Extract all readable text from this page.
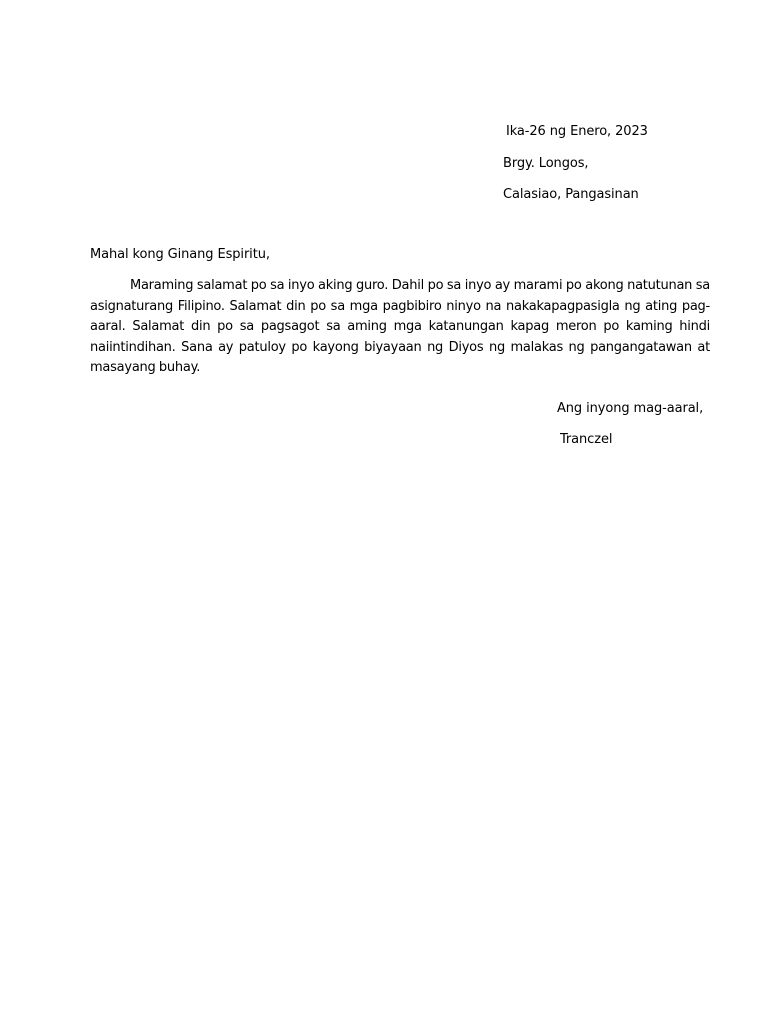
Ika-26 ng Enero, 2023
Brgy. Longos,
Calasiao, Pangasinan
Mahal kong Ginang Espiritu,

Maraming salamat po sa inyo aking guro. Dahil po sa inyo ay marami po akong natutunan sa asignaturang Filipino. Salamat din po sa mga pagbibiro ninyo na nakakapagpasigla ng ating pag-aaral. Salamat din po sa pagsagot sa aming mga katanungan kapag meron po kaming hindi naiintindihan. Sana ay patuloy po kayong biyayaan ng Diyos ng malakas ng pangangatawan at masayang buhay.

Ang inyong mag-aaral,
Tranczel
